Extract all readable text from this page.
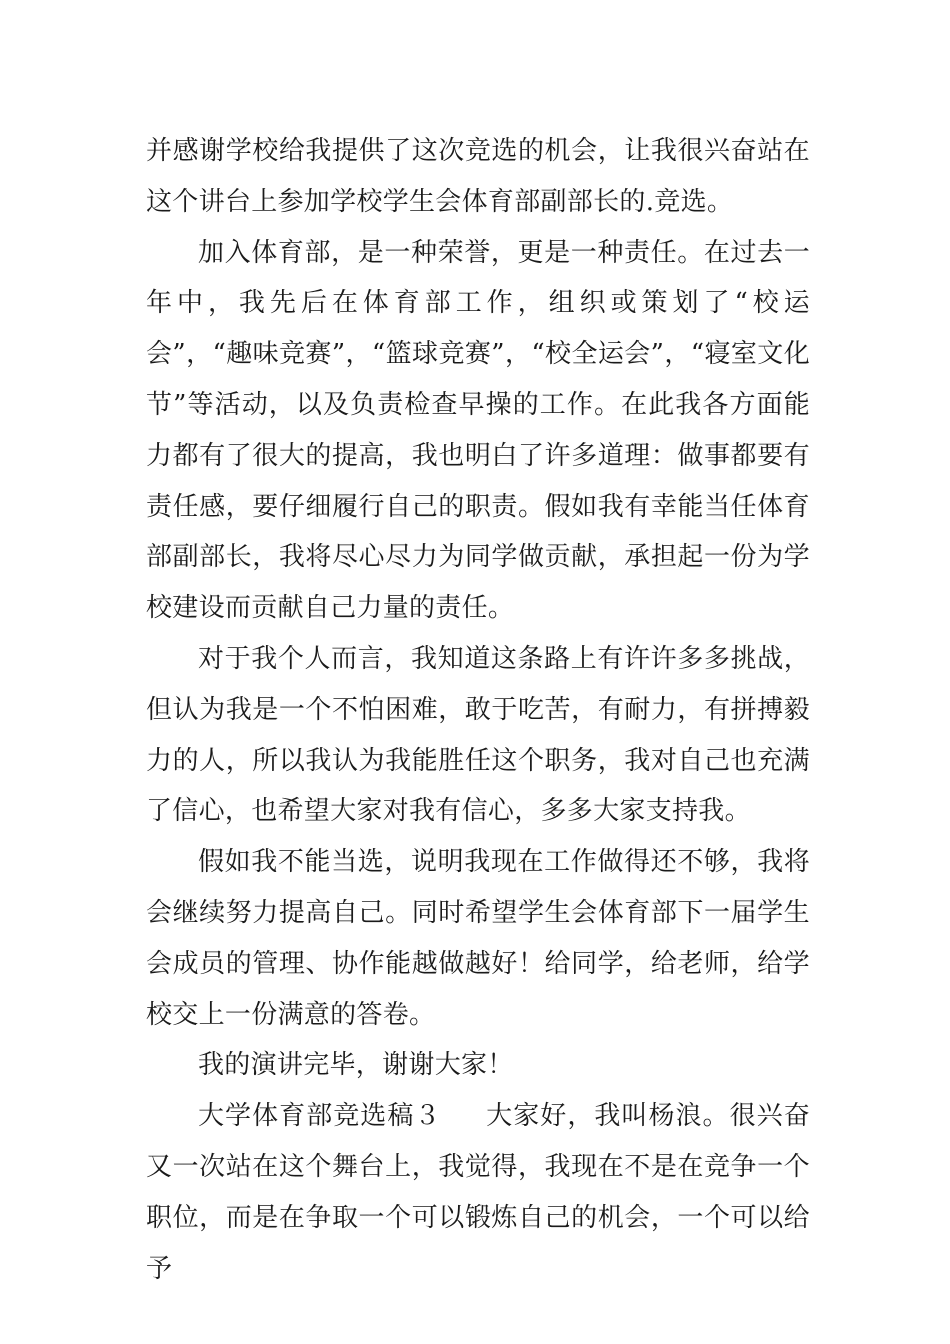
并感谢学校给我提供了这次竞选的机会，让我很兴奋站在这个讲台上参加学校学生会体育部副部长的.竞选。

加入体育部，是一种荣誉，更是一种责任。在过去一年中，我先后在体育部工作，组织或策划了“校运会”，“趣味竞赛”，“篮球竞赛”，“校全运会”，“寝室文化节”等活动，以及负责检查早操的工作。在此我各方面能力都有了很大的提高，我也明白了许多道理：做事都要有责任感，要仔细履行自己的职责。假如我有幸能当任体育部副部长，我将尽心尽力为同学做贡献，承担起一份为学校建设而贡献自己力量的责任。

对于我个人而言，我知道这条路上有许许多多挑战，但认为我是一个不怕困难，敢于吃苦，有耐力，有拼搏毅力的人，所以我认为我能胜任这个职务，我对自己也充满了信心，也希望大家对我有信心，多多大家支持我。

假如我不能当选，说明我现在工作做得还不够，我将会继续努力提高自己。同时希望学生会体育部下一届学生会成员的管理、协作能越做越好！给同学，给老师，给学校交上一份满意的答卷。

我的演讲完毕，谢谢大家！

大学体育部竞选稿３ 大家好，我叫杨浪。很兴奋又一次站在这个舞台上，我觉得，我现在不是在竞争一个职位，而是在争取一个可以锻炼自己的机会，一个可以给予
